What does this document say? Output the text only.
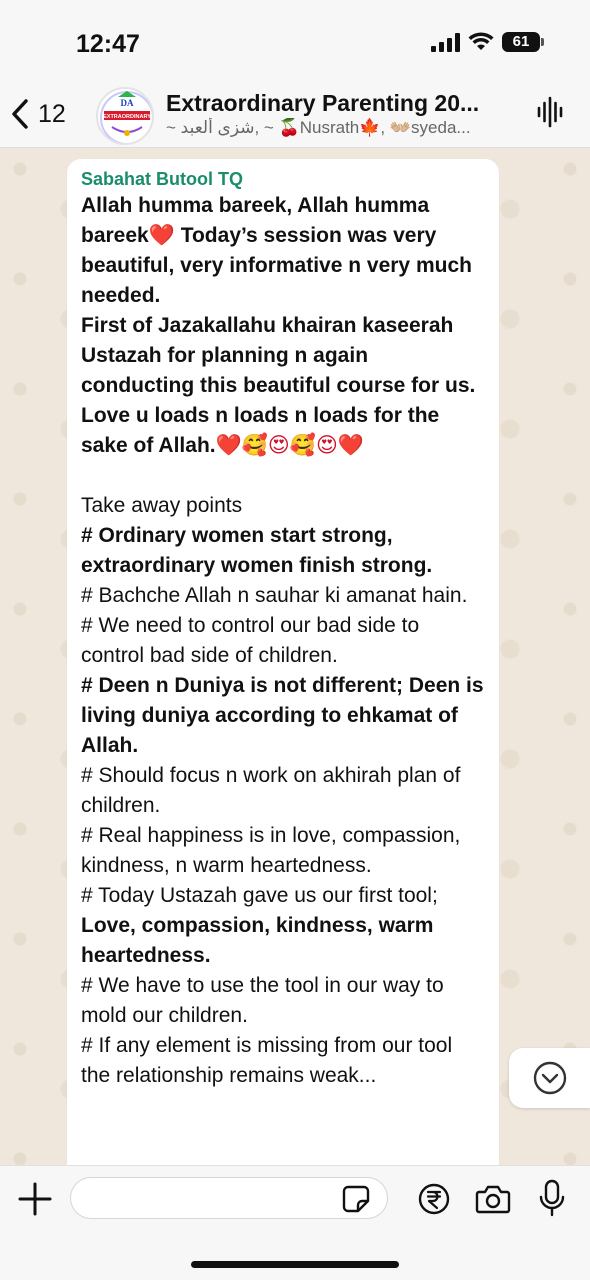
12:47	61
12	DA
EXTRAORDINARY
Extraordinary Parenting 20...
~ شزى ألعبد, ~ 🍒Nusrath🍁, 👐🏼syeda...
Sabahat Butool TQ

Allah humma bareek, Allah humma bareek❤️ Today’s session was very beautiful, very informative n very much needed.

First of Jazakallahu khairan kaseerah Ustazah for planning n again conducting this beautiful course for us.

Love u loads n loads n loads for the sake of Allah.❤️🥰😍🥰😍❤️

Take away points

# Ordinary women start strong, extraordinary women finish strong.

# Bachche Allah n sauhar ki amanat hain.

# We need to control our bad side to control bad side of children.

# Deen n Duniya is not different; Deen is living duniya according to ehkamat of Allah.

# Should focus n work on akhirah plan of children.

# Real happiness is in love, compassion, kindness, n warm heartedness.

# Today Ustazah gave us our first tool; Love, compassion, kindness, warm heartedness.

# We have to use the tool in our way to mold our children.

# If any element is missing from our tool the relationship remains weak...
